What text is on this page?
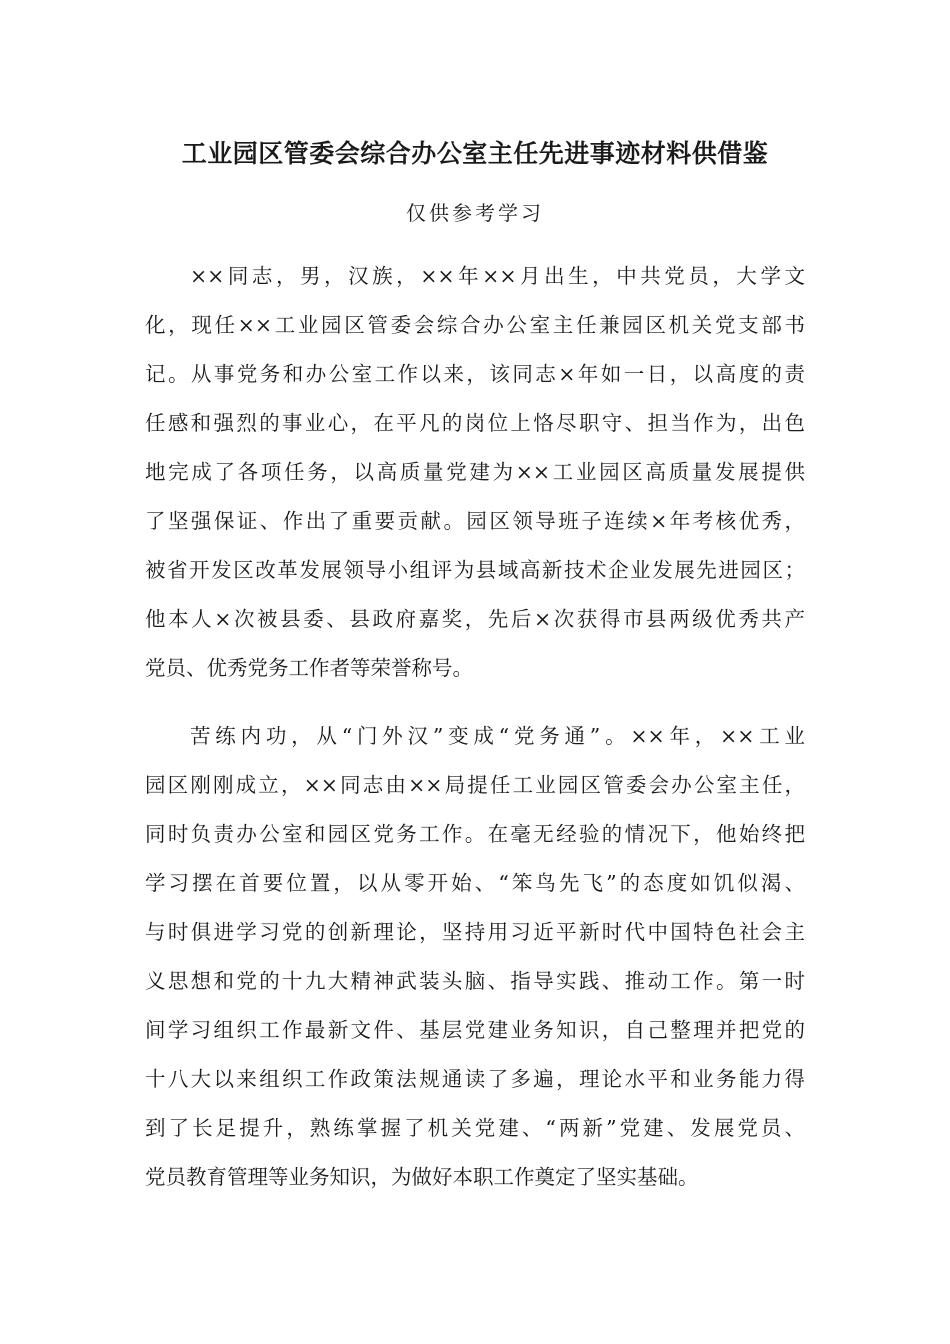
工业园区管委会综合办公室主任先进事迹材料供借鉴
仅供参考学习
××同志，男，汉族，××年××月出生，中共党员，大学文
化，现任××工业园区管委会综合办公室主任兼园区机关党支部书
记。从事党务和办公室工作以来，该同志×年如一日，以高度的责
任感和强烈的事业心，在平凡的岗位上恪尽职守、担当作为，出色
地完成了各项任务，以高质量党建为××工业园区高质量发展提供
了坚强保证、作出了重要贡献。园区领导班子连续×年考核优秀，
被省开发区改革发展领导小组评为县域高新技术企业发展先进园区；
他本人×次被县委、县政府嘉奖，先后×次获得市县两级优秀共产
党员、优秀党务工作者等荣誉称号。
苦练内功，从“门外汉”变成“党务通”。××年，××工业
园区刚刚成立，××同志由××局提任工业园区管委会办公室主任，
同时负责办公室和园区党务工作。在毫无经验的情况下，他始终把
学习摆在首要位置，以从零开始、“笨鸟先飞”的态度如饥似渴、
与时俱进学习党的创新理论，坚持用习近平新时代中国特色社会主
义思想和党的十九大精神武装头脑、指导实践、推动工作。第一时
间学习组织工作最新文件、基层党建业务知识，自己整理并把党的
十八大以来组织工作政策法规通读了多遍，理论水平和业务能力得
到了长足提升，熟练掌握了机关党建、“两新”党建、发展党员、
党员教育管理等业务知识，为做好本职工作奠定了坚实基础。
